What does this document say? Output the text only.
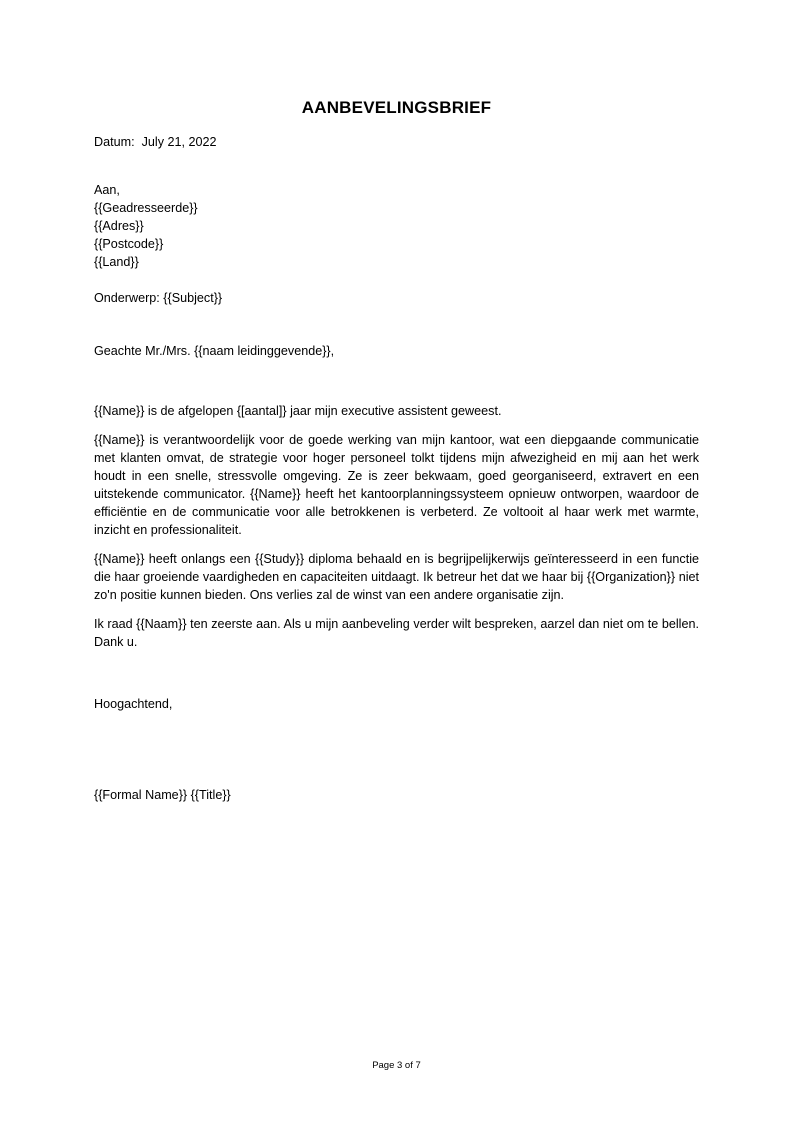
AANBEVELINGSBRIEF
Datum: July 21, 2022
Aan,
{{Geadresseerde}}
{{Adres}}
{{Postcode}}
{{Land}}
Onderwerp: {{Subject}}
Geachte Mr./Mrs. {{naam leidinggevende}},

{{Name}} is de afgelopen {[aantal]} jaar mijn executive assistent geweest.

{{Name}} is verantwoordelijk voor de goede werking van mijn kantoor, wat een diepgaande communicatie met klanten omvat, de strategie voor hoger personeel tolkt tijdens mijn afwezigheid en mij aan het werk houdt in een snelle, stressvolle omgeving. Ze is zeer bekwaam, goed georganiseerd, extravert en een uitstekende communicator. {{Name}} heeft het kantoorplanningssysteem opnieuw ontworpen, waardoor de efficiëntie en de communicatie voor alle betrokkenen is verbeterd. Ze voltooit al haar werk met warmte, inzicht en professionaliteit.

{{Name}} heeft onlangs een {{Study}} diploma behaald en is begrijpelijkerwijs geïnteresseerd in een functie die haar groeiende vaardigheden en capaciteiten uitdaagt. Ik betreur het dat we haar bij {{Organization}} niet zo'n positie kunnen bieden. Ons verlies zal de winst van een andere organisatie zijn.

Ik raad {{Naam}} ten zeerste aan. Als u mijn aanbeveling verder wilt bespreken, aarzel dan niet om te bellen. Dank u.

Hoogachtend,
{{Formal Name}} {{Title}}
Page 3 of 7
